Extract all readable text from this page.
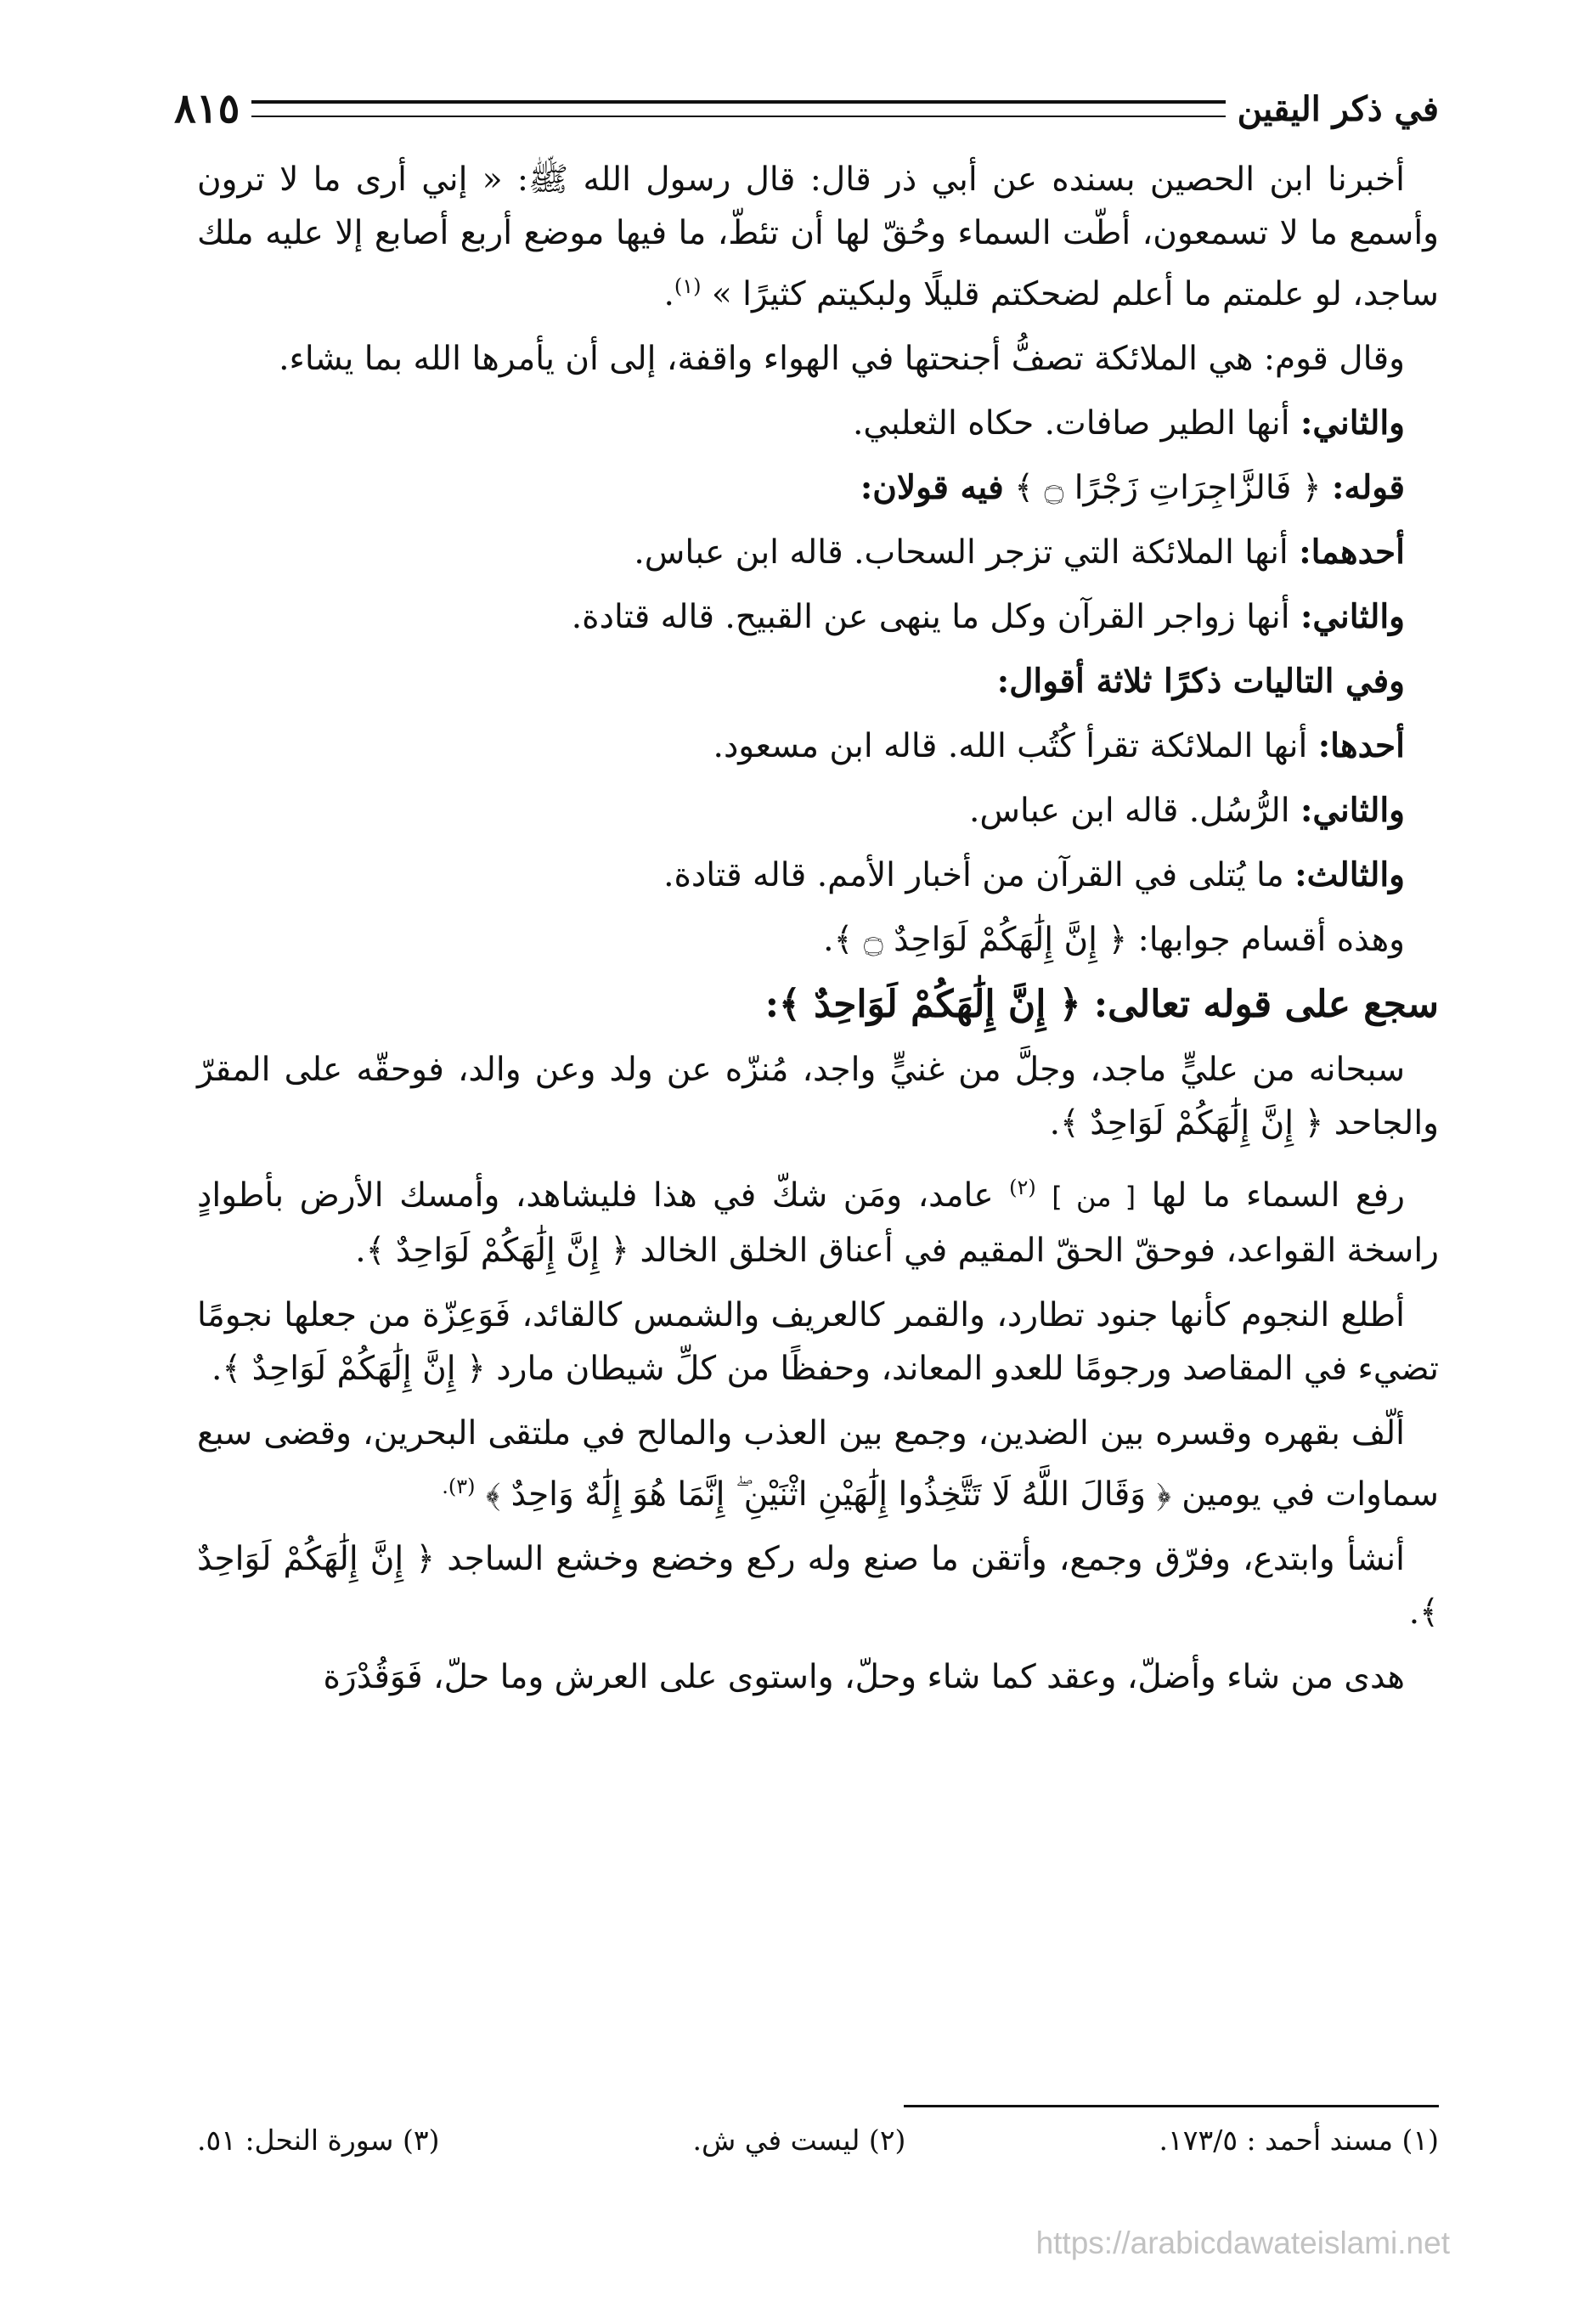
في ذكر اليقين
٨١٥

أخبرنا ابن الحصين بسنده عن أبي ذر قال: قال رسول الله ﷺ: « إني أرى ما لا ترون وأسمع ما لا تسمعون، أطّت السماء وحُقّ لها أن تئطّ، ما فيها موضع أربع أصابع إلا عليه ملك ساجد، لو علمتم ما أعلم لضحكتم قليلًا ولبكيتم كثيرًا » $^{(١)}$.

وقال قوم: هي الملائكة تصفُّ أجنحتها في الهواء واقفة، إلى أن يأمرها الله بما يشاء.

والثاني: أنها الطير صافات. حكاه الثعلبي.

قوله: ﴿ فَالزَّاجِرَاتِ زَجْرًا ۝ ﴾ فيه قولان:

أحدهما: أنها الملائكة التي تزجر السحاب. قاله ابن عباس.

والثاني: أنها زواجر القرآن وكل ما ينهى عن القبيح. قاله قتادة.

وفي التاليات ذكرًا ثلاثة أقوال:

أحدها: أنها الملائكة تقرأ كُتُب الله. قاله ابن مسعود.

والثاني: الرُّسُل. قاله ابن عباس.

والثالث: ما يُتلى في القرآن من أخبار الأمم. قاله قتادة.

وهذه أقسام جوابها: ﴿ إِنَّ إِلَٰهَكُمْ لَوَاحِدٌ ۝ ﴾.

سجع على قوله تعالى: ﴿ إِنَّ إِلَٰهَكُمْ لَوَاحِدٌ ﴾:

سبحانه من عليٍّ ماجد، وجلَّ من غنيٍّ واجد، مُنزّه عن ولد وعن والد، فوحقّه على المقرّ والجاحد ﴿ إِنَّ إِلَٰهَكُمْ لَوَاحِدٌ ﴾.

رفع السماء ما لها [ من ] $^{(٢)}$ عامد، ومَن شكّ في هذا فليشاهد، وأمسك الأرض بأطوادٍ راسخة القواعد، فوحقّ الحقّ المقيم في أعناق الخلق الخالد ﴿ إِنَّ إِلَٰهَكُمْ لَوَاحِدٌ ﴾.

أطلع النجوم كأنها جنود تطارد، والقمر كالعريف والشمس كالقائد، فَوَعِزّة من جعلها نجومًا تضيء في المقاصد ورجومًا للعدو المعاند، وحفظًا من كلِّ شيطان مارد ﴿ إِنَّ إِلَٰهَكُمْ لَوَاحِدٌ ﴾.

ألّف بقهره وقسره بين الضدين، وجمع بين العذب والمالح في ملتقى البحرين، وقضى سبع سماوات في يومين ﴿ وَقَالَ اللَّهُ لَا تَتَّخِذُوا إِلَٰهَيْنِ اثْنَيْنِ ۖ إِنَّمَا هُوَ إِلَٰهٌ وَاحِدٌ ﴾ $^{(٣).}$

أنشأ وابتدع، وفرّق وجمع، وأتقن ما صنع وله ركع وخضع وخشع الساجد ﴿ إِنَّ إِلَٰهَكُمْ لَوَاحِدٌ ﴾.

هدى من شاء وأضلّ، وعقد كما شاء وحلّ، واستوى على العرش وما حلّ، فَوَقُدْرَة

(١) مسند أحمد : ١٧٣/٥.
(٢) ليست في ش.
(٣) سورة النحل: ٥١.
https://arabicdawateislami.net
